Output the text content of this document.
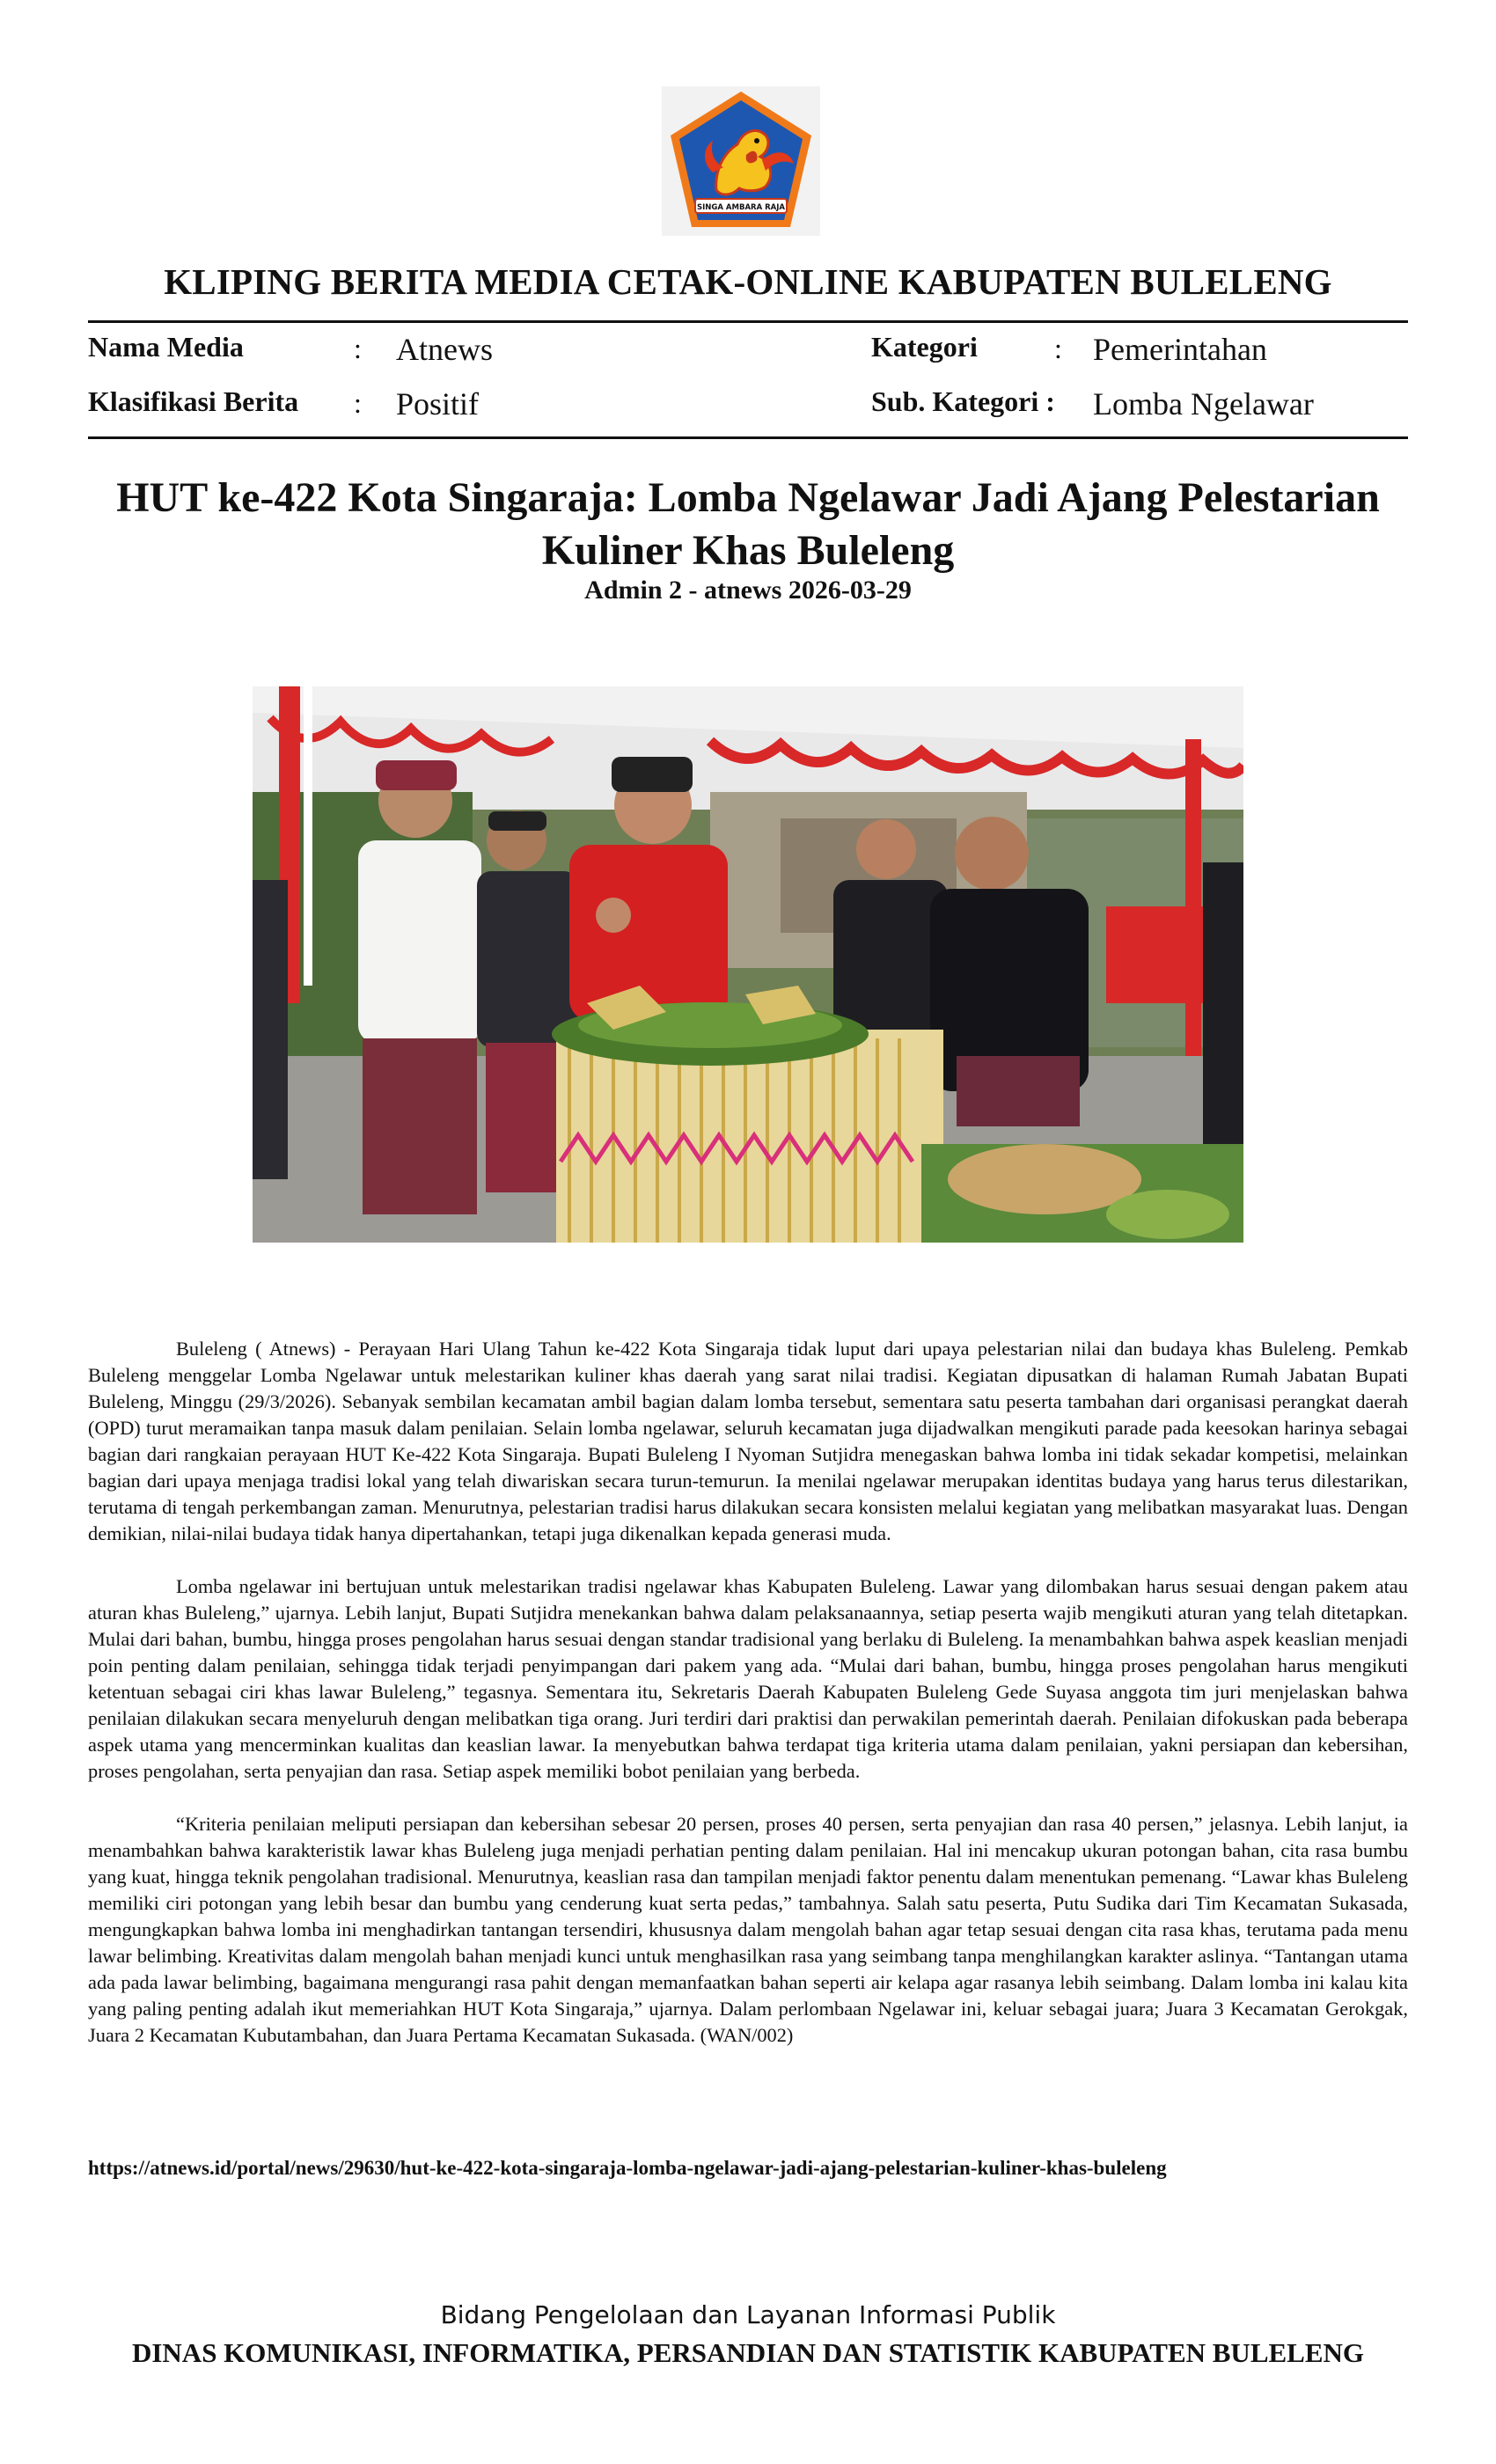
SINGA AMBARA RAJA
KLIPING BERITA MEDIA CETAK-ONLINE KABUPATEN BULELENG
Nama Media	: Atnews	Kategori	: Pemerintahan
Klasifikasi Berita : Positif	Sub. Kategori : Lomba Ngelawar
HUT ke-422 Kota Singaraja: Lomba Ngelawar Jadi Ajang Pelestarian
Kuliner Khas Buleleng
Admin 2 - atnews 2026-03-29

Buleleng ( Atnews) - Perayaan Hari Ulang Tahun ke-422 Kota Singaraja tidak luput dari upaya pelestarian nilai dan budaya khas Buleleng. Pemkab Buleleng menggelar Lomba Ngelawar untuk melestarikan kuliner khas daerah yang sarat nilai tradisi. Kegiatan dipusatkan di halaman Rumah Jabatan Bupati Buleleng, Minggu (29/3/2026). Sebanyak sembilan kecamatan ambil bagian dalam lomba tersebut, sementara satu peserta tambahan dari organisasi perangkat daerah (OPD) turut meramaikan tanpa masuk dalam penilaian. Selain lomba ngelawar, seluruh kecamatan juga dijadwalkan mengikuti parade pada keesokan harinya sebagai bagian dari rangkaian perayaan HUT Ke-422 Kota Singaraja. Bupati Buleleng I Nyoman Sutjidra menegaskan bahwa lomba ini tidak sekadar kompetisi, melainkan bagian dari upaya menjaga tradisi lokal yang telah diwariskan secara turun-temurun. Ia menilai ngelawar merupakan identitas budaya yang harus terus dilestarikan, terutama di tengah perkembangan zaman. Menurutnya, pelestarian tradisi harus dilakukan secara konsisten melalui kegiatan yang melibatkan masyarakat luas. Dengan demikian, nilai-nilai budaya tidak hanya dipertahankan, tetapi juga dikenalkan kepada generasi muda.

Lomba ngelawar ini bertujuan untuk melestarikan tradisi ngelawar khas Kabupaten Buleleng. Lawar yang dilombakan harus sesuai dengan pakem atau aturan khas Buleleng,” ujarnya. Lebih lanjut, Bupati Sutjidra menekankan bahwa dalam pelaksanaannya, setiap peserta wajib mengikuti aturan yang telah ditetapkan. Mulai dari bahan, bumbu, hingga proses pengolahan harus sesuai dengan standar tradisional yang berlaku di Buleleng. Ia menambahkan bahwa aspek keaslian menjadi poin penting dalam penilaian, sehingga tidak terjadi penyimpangan dari pakem yang ada. “Mulai dari bahan, bumbu, hingga proses pengolahan harus mengikuti ketentuan sebagai ciri khas lawar Buleleng,” tegasnya. Sementara itu, Sekretaris Daerah Kabupaten Buleleng Gede Suyasa anggota tim juri menjelaskan bahwa penilaian dilakukan secara menyeluruh dengan melibatkan tiga orang. Juri terdiri dari praktisi dan perwakilan pemerintah daerah. Penilaian difokuskan pada beberapa aspek utama yang mencerminkan kualitas dan keaslian lawar. Ia menyebutkan bahwa terdapat tiga kriteria utama dalam penilaian, yakni persiapan dan kebersihan, proses pengolahan, serta penyajian dan rasa. Setiap aspek memiliki bobot penilaian yang berbeda.

“Kriteria penilaian meliputi persiapan dan kebersihan sebesar 20 persen, proses 40 persen, serta penyajian dan rasa 40 persen,” jelasnya. Lebih lanjut, ia menambahkan bahwa karakteristik lawar khas Buleleng juga menjadi perhatian penting dalam penilaian. Hal ini mencakup ukuran potongan bahan, cita rasa bumbu yang kuat, hingga teknik pengolahan tradisional. Menurutnya, keaslian rasa dan tampilan menjadi faktor penentu dalam menentukan pemenang. “Lawar khas Buleleng memiliki ciri potongan yang lebih besar dan bumbu yang cenderung kuat serta pedas,” tambahnya. Salah satu peserta, Putu Sudika dari Tim Kecamatan Sukasada, mengungkapkan bahwa lomba ini menghadirkan tantangan tersendiri, khususnya dalam mengolah bahan agar tetap sesuai dengan cita rasa khas, terutama pada menu lawar belimbing. Kreativitas dalam mengolah bahan menjadi kunci untuk menghasilkan rasa yang seimbang tanpa menghilangkan karakter aslinya. “Tantangan utama ada pada lawar belimbing, bagaimana mengurangi rasa pahit dengan memanfaatkan bahan seperti air kelapa agar rasanya lebih seimbang. Dalam lomba ini kalau kita yang paling penting adalah ikut memeriahkan HUT Kota Singaraja,” ujarnya. Dalam perlombaan Ngelawar ini, keluar sebagai juara; Juara 3 Kecamatan Gerokgak, Juara 2 Kecamatan Kubutambahan, dan Juara Pertama Kecamatan Sukasada. (WAN/002)

https://atnews.id/portal/news/29630/hut-ke-422-kota-singaraja-lomba-ngelawar-jadi-ajang-pelestarian-kuliner-khas-buleleng
Bidang Pengelolaan dan Layanan Informasi Publik
DINAS KOMUNIKASI, INFORMATIKA, PERSANDIAN DAN STATISTIK KABUPATEN BULELENG
